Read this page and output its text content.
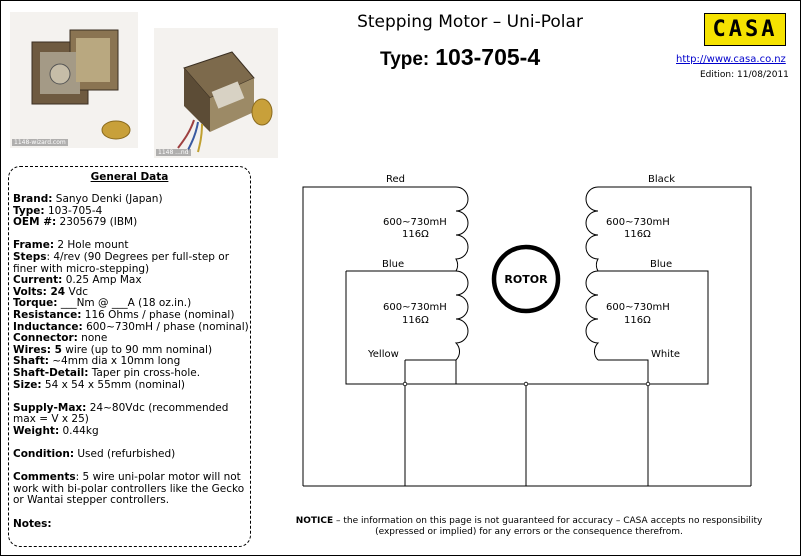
1148-wizard.com
1148 ...nd
Stepping Motor – Uni-Polar
Type: 103-705-4
CASA
http://www.casa.co.nz
Edition: 11/08/2011
General Data
Brand: Sanyo Denki (Japan)
Type: 103-705-4
OEM #: 2305679 (IBM)
Frame: 2 Hole mount
Steps: 4/rev (90 Degrees per full-step or finer with micro-stepping)
Current: 0.25 Amp Max
Volts: 24 Vdc
Torque: ___Nm @ ___A (18 oz.in.)
Resistance: 116 Ohms / phase (nominal)
Inductance: 600~730mH / phase (nominal)
Connector: none
Wires: 5 wire (up to 90 mm nominal)
Shaft: ~4mm dia x 10mm long
Shaft-Detail: Taper pin cross-hole.
Size: 54 x 54 x 55mm (nominal)
Supply-Max: 24~80Vdc (recommended max = V x 25)
Weight: 0.44kg
Condition: Used (refurbished)
Comments: 5 wire uni-polar motor will not work with bi-polar controllers like the Gecko or Wantai stepper controllers.
Notes:
ROTOR
Red
Blue
Yellow
600~730mH
116Ω
600~730mH
116Ω
Black
Blue
White
600~730mH
116Ω
600~730mH
116Ω
NOTICE – the information on this page is not guaranteed for accuracy – CASA accepts no responsibility (expressed or implied) for any errors or the consequence therefrom.
